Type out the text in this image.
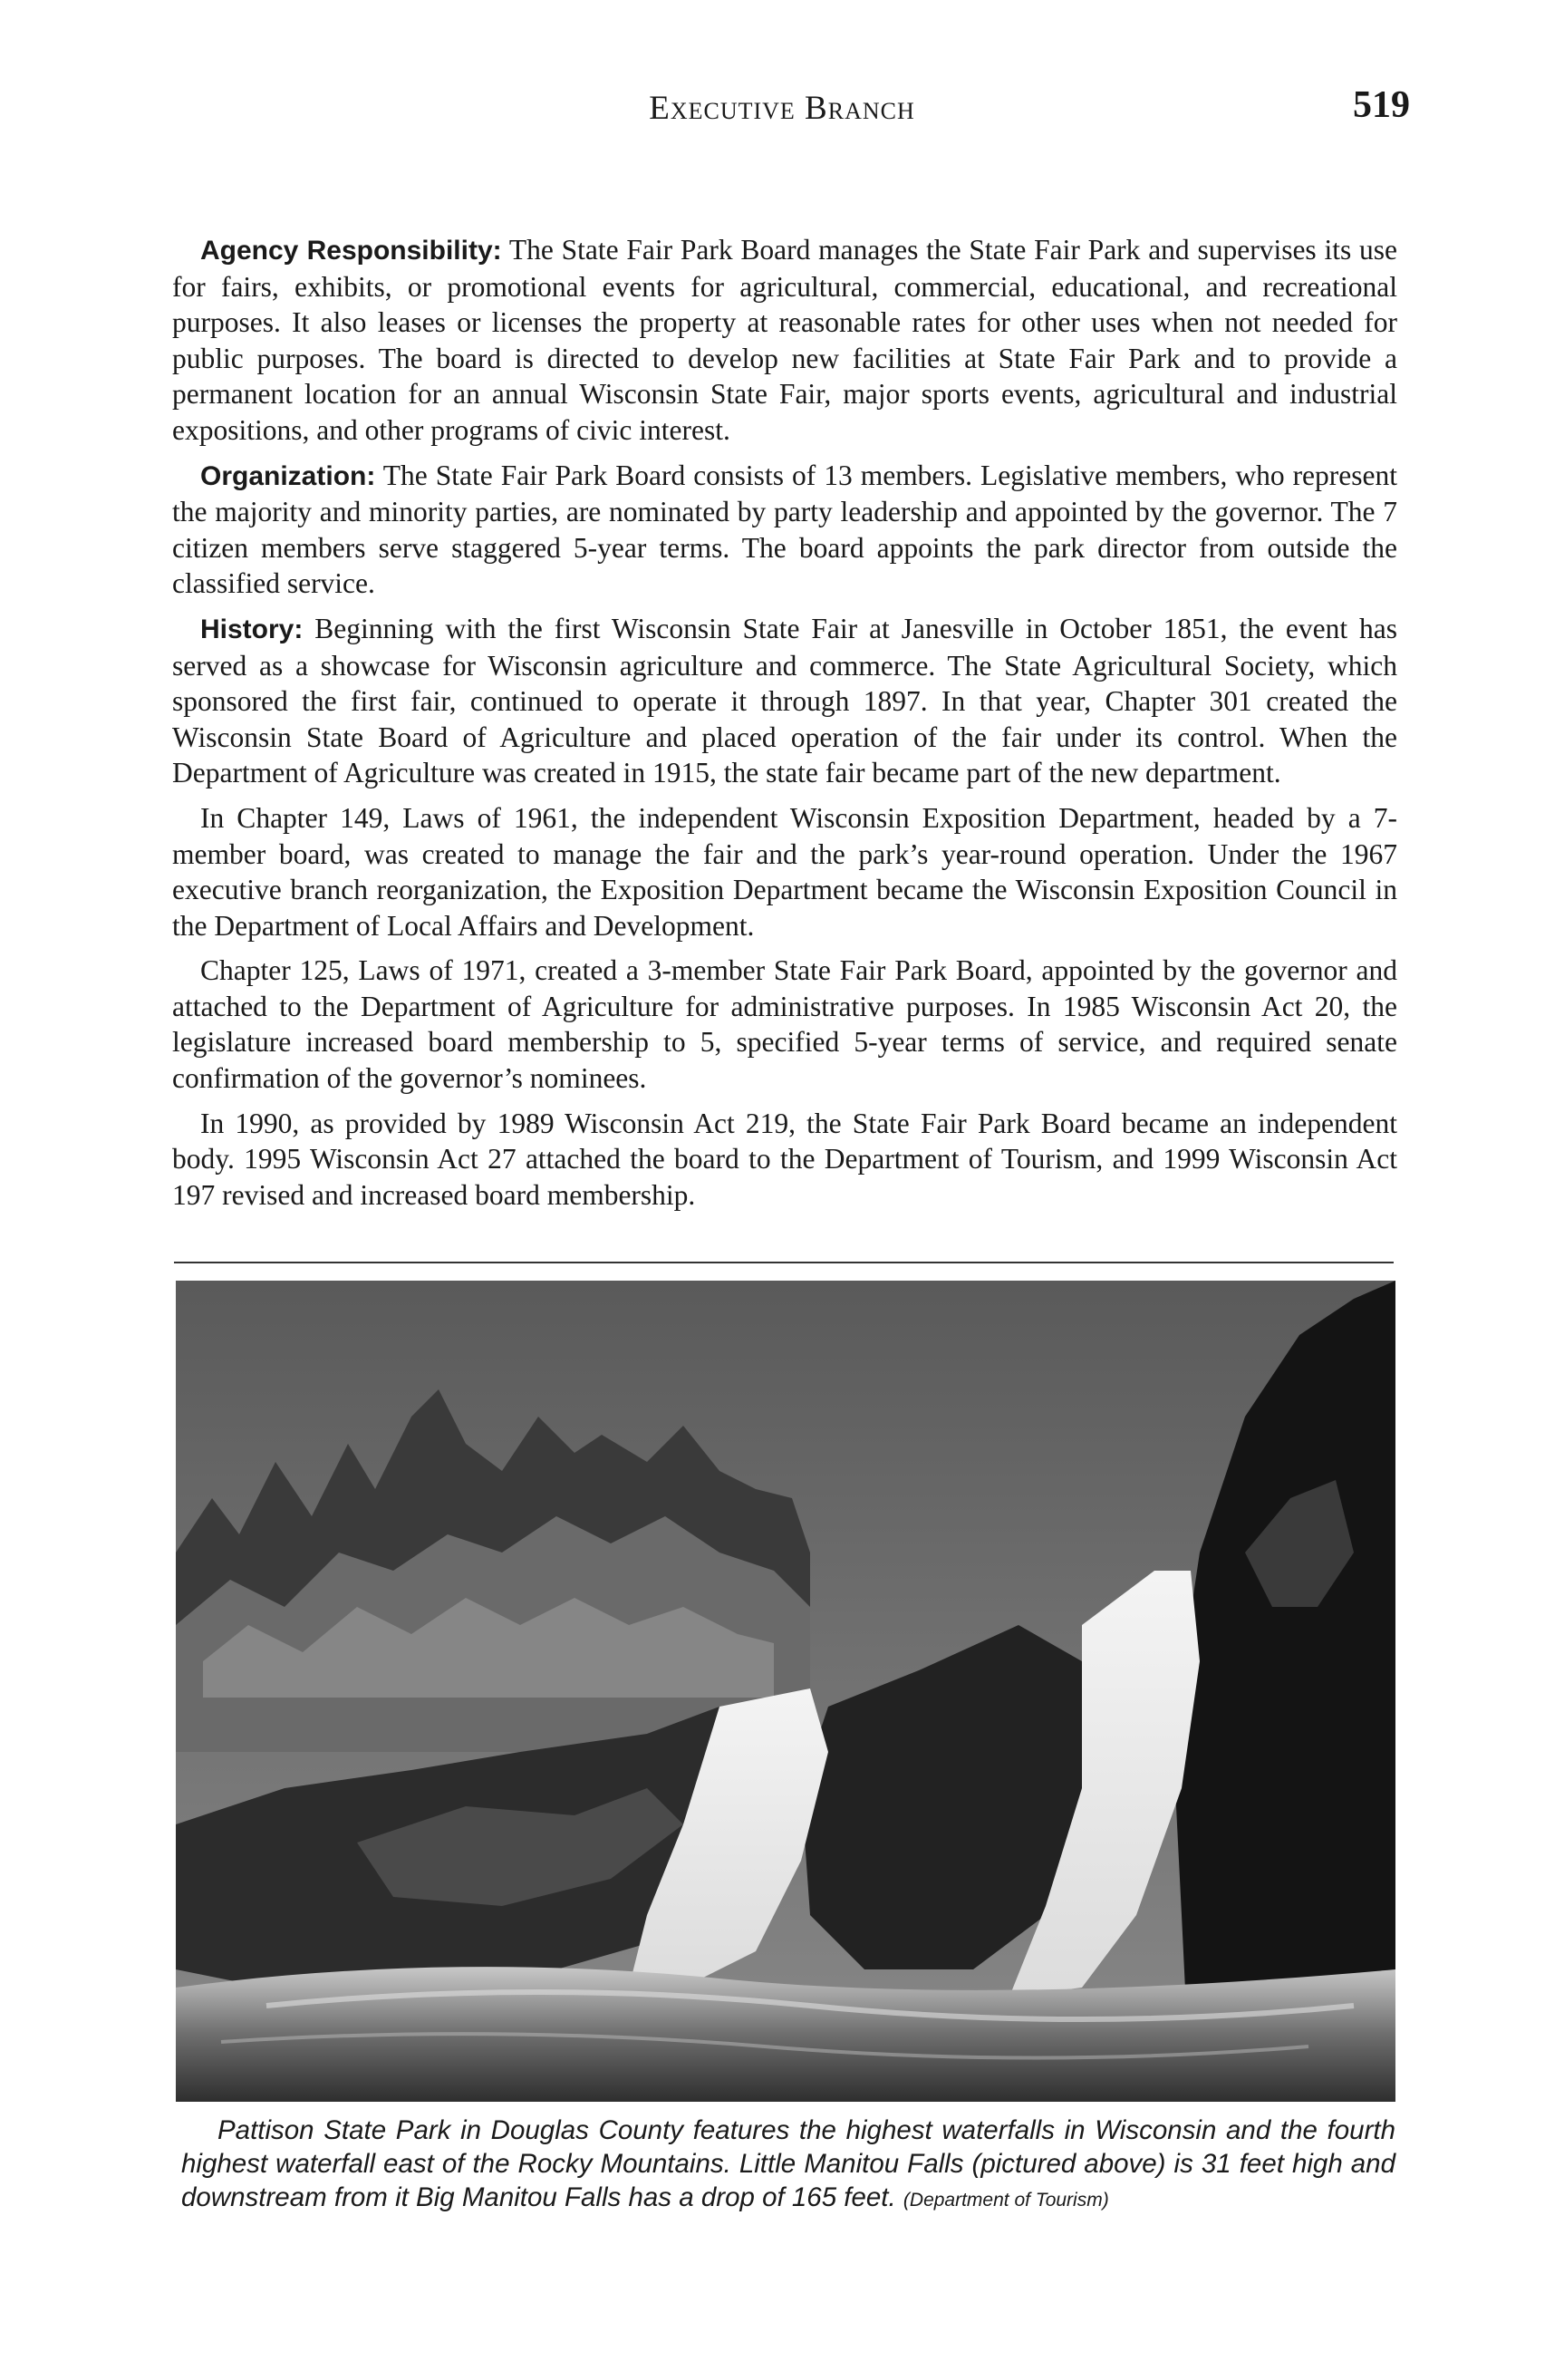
Executive Branch	519

Agency Responsibility: The State Fair Park Board manages the State Fair Park and supervises its use for fairs, exhibits, or promotional events for agricultural, commercial, educational, and recreational purposes. It also leases or licenses the property at reasonable rates for other uses when not needed for public purposes. The board is directed to develop new facilities at State Fair Park and to provide a permanent location for an annual Wisconsin State Fair, major sports events, agricultural and industrial expositions, and other programs of civic interest.

Organization: The State Fair Park Board consists of 13 members. Legislative members, who represent the majority and minority parties, are nominated by party leadership and appointed by the governor. The 7 citizen members serve staggered 5-year terms. The board appoints the park director from outside the classified service.

History: Beginning with the first Wisconsin State Fair at Janesville in October 1851, the event has served as a showcase for Wisconsin agriculture and commerce. The State Agricultural Society, which sponsored the first fair, continued to operate it through 1897. In that year, Chapter 301 created the Wisconsin State Board of Agriculture and placed operation of the fair under its control. When the Department of Agriculture was created in 1915, the state fair became part of the new department.

In Chapter 149, Laws of 1961, the independent Wisconsin Exposition Department, headed by a 7-member board, was created to manage the fair and the park’s year-round operation. Under the 1967 executive branch reorganization, the Exposition Department became the Wisconsin Exposition Council in the Department of Local Affairs and Development.

Chapter 125, Laws of 1971, created a 3-member State Fair Park Board, appointed by the governor and attached to the Department of Agriculture for administrative purposes. In 1985 Wisconsin Act 20, the legislature increased board membership to 5, specified 5-year terms of service, and required senate confirmation of the governor’s nominees.

In 1990, as provided by 1989 Wisconsin Act 219, the State Fair Park Board became an independent body. 1995 Wisconsin Act 27 attached the board to the Department of Tourism, and 1999 Wisconsin Act 197 revised and increased board membership.

Pattison State Park in Douglas County features the highest waterfalls in Wisconsin and the fourth highest waterfall east of the Rocky Mountains. Little Manitou Falls (pictured above) is 31 feet high and downstream from it Big Manitou Falls has a drop of 165 feet. (Department of Tourism)
